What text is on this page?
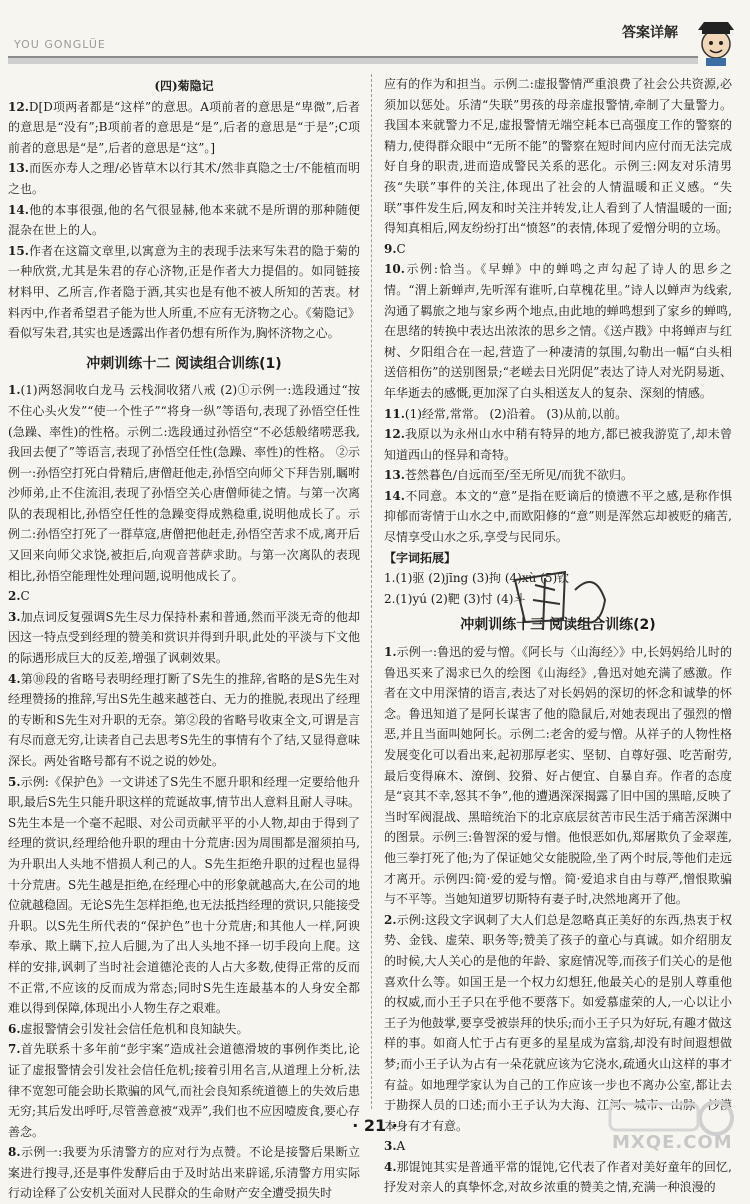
YOU GONGLÜE
答案详解

(四)菊隐记

12.D[D项两者都是“这样”的意思。A项前者的意思是“卑微”,后者的意思是“没有”;B项前者的意思是“是”,后者的意思是“于是”;C项前者的意思是“是”,后者的意思是“这”。]

13.而医亦寿人之理/必皆草木以行其术/然非真隐之士/不能植而明之也。

14.他的本事很强,他的名气很显赫,他本来就不是所谓的那种随便混杂在世上的人。

15.作者在这篇文章里,以寓意为主的表现手法来写朱君的隐于菊的一种欣赏,尤其是朱君的存心济物,正是作者大力提倡的。如同链接材料甲、乙所言,作者隐于酒,其实也是有他不被人所知的苦衷。材料丙中,作者希望君子能为世人所重,不应有无济物之心。《菊隐记》看似写朱君,其实也是透露出作者仍想有所作为,胸怀济物之心。

冲刺训练十二 阅读组合训练(1)

1.(1)两怒洞收白龙马 云栈洞收猪八戒 (2)①示例一:选段通过“按不住心头火发”“使一个性子”“将身一纵”等语句,表现了孙悟空任性(急躁、率性)的性格。示例二:选段通过孙悟空“不必恁般绪唠恶我,我回去便了”等语言,表现了孙悟空任性(急躁、率性)的性格。 ②示例一:孙悟空打死白骨精后,唐僧赶他走,孙悟空向师父下拜告别,瞩咐沙师弟,止不住流泪,表现了孙悟空关心唐僧师徒之情。与第一次离队的表现相比,孙悟空任性的急躁变得成熟稳重,说明他成长了。示例二:孙悟空打死了一群草寇,唐僧把他赶走,孙悟空苦求不成,离开后又回来向师父求饶,被拒后,向观音菩萨求助。与第一次离队的表现相比,孙悟空能理性处理问题,说明他成长了。

2.C

3.加点词反复强调S先生尽力保持朴素和普通,然而平淡无奇的他却因这一特点受到经理的赞美和赏识并得到升职,此处的平淡与下文他的际遇形成巨大的反差,增强了讽刺效果。

4.第⑩段的省略号表明经理打断了S先生的推辞,省略的是S先生对经理赞扬的推辞,写出S先生越来越苍白、无力的推脱,表现出了经理的专断和S先生对升职的无奈。第②段的省略号收束全文,可谓是言有尽而意无穷,让读者自己去思考S先生的事情有个了结,又显得意味深长。两处省略号都有不说之说的妙处。

5.示例:《保护色》一文讲述了S先生不愿升职和经理一定要给他升职,最后S先生只能升职这样的荒诞故事,情节出人意料且耐人寻味。S先生本是一个毫不起眼、对公司贡献平平的小人物,却由于得到了经理的赏识,经理给他升职的理由十分荒唐:因为周围都是溜须拍马,为升职出人头地不惜损人利己的人。S先生拒绝升职的过程也显得十分荒唐。S先生越是拒绝,在经理心中的形象就越高大,在公司的地位就越稳固。无论S先生怎样拒绝,也无法抵挡经理的赏识,只能接受升职。以S先生所代表的“保护色”也十分荒唐;和其他人一样,阿谀奉承、欺上瞒下,拉人后腿,为了出人头地不择一切手段向上爬。这样的安排,讽刺了当时社会道德沦丧的人占大多数,使得正常的反而不正常,不应该的反而成为常态;同时S先生连最基本的人身安全都难以得到保障,体现出小人物生存之艰难。

6.虚报警情会引发社会信任危机和良知缺失。

7.首先联系十多年前“彭宇案”造成社会道德滑坡的事例作类比,论证了虚报警情会引发社会信任危机;接着引用名言,从道理上分析,法律不宽恕可能会助长欺骗的风气,而社会良知系统道德上的失效后患无穷;其后发出呼吁,尽管善意被“戏弄”,我们也不应因噎废食,要心存善念。

8.示例一:我要为乐清警方的应对行为点赞。不论是接警后果断立案进行搜寻,还是事件发酵后由于及时站出来辟谣,乐清警方用实际行动诠释了公安机关面对人民群众的生命财产安全遭受损失时

应有的作为和担当。示例二:虚报警情严重浪费了社会公共资源,必须加以惩处。乐清“失联”男孩的母亲虚报警情,牵制了大量警力。我国本来就警力不足,虚报警情无端空耗本已高强度工作的警察的精力,使得群众眼中“无所不能”的警察在短时间内应付而无法完成好自身的职责,进而造成警民关系的恶化。示例三:网友对乐清男孩“失联”事件的关注,体现出了社会的人情温暖和正义感。“失联”事件发生后,网友和时关注并转发,让人看到了人情温暖的一面;得知真相后,网友纷纷打出“愤怒”的表情,体现了爱憎分明的立场。

9.C

10.示例:恰当。《早蝉》中的蝉鸣之声勾起了诗人的思乡之情。“渭上新蝉声,先听浑有谁听,白草槐花里。”诗人以蝉声为线索,沟通了羁旅之地与家乡两个地点,由此地的蝉鸣想到了家乡的蝉鸣,在思绪的转换中表达出浓浓的思乡之情。《送卢戡》中将蝉声与红树、夕阳组合在一起,营造了一种凄清的氛围,勾勒出一幅“白头相送倍相伤”的送别图景;“老嵯去日光阴促”表达了诗人对光阴易逝、年华逝去的感慨,更加深了白头相送友人的复杂、深刻的情感。

11.(1)经常,常常。 (2)沿着。 (3)从前,以前。

12.我原以为永州山水中稍有特异的地方,都已被我游览了,却未曾知道西山的怪异和奇特。

13.苍然暮色/自远而至/至无所见/而犹不欲归。

14.不同意。本文的“意”是指在贬谪后的愤懑不平之感,是称作惧抑郁而寄情于山水之中,而欧阳修的“意”则是浑然忘却被贬的痛苦,尽情享受山水之乐,享受与民同乐。

【字词拓展】
1.(1)驱 (2)jīng (3)拘 (4)xù (5)钦
2.(1)yú (2)靶 (3)忖 (4)斗
冲刺训练十三 阅读组合训练(2)

1.示例一:鲁迅的爱与憎。《阿长与〈山海经〉》中,长妈妈给儿时的鲁迅买来了渴求已久的绘图《山海经》,鲁迅对她充满了感激。作者在文中用深情的语言,表达了对长妈妈的深切的怀念和诚挚的怀念。鲁迅知道了是阿长谋害了他的隐鼠后,对她表现出了强烈的憎恶,并且当面叫她阿长。示例二:老舍的爱与憎。从祥子的人物性格发展变化可以看出来,起初那厚老实、坚韧、自尊好强、吃苦耐劳,最后变得麻木、潦倒、狡猾、好占便宜、自暴自弃。作者的态度是“哀其不幸,怒其不争”,他的遭遇深深揭露了旧中国的黑暗,反映了当时军阀混战、黑暗统治下的北京底层贫苦市民生活于痛苦深渊中的图景。示例三:鲁智深的爱与憎。他恨恶如仇,郑屠欺负了金翠莲,他三拳打死了他;为了保证她父女能脱险,坐了两个时辰,等他们走远才离开。示例四:简·爱的爱与憎。简·爱追求自由与尊严,憎恨欺骗与不平等。当她知道罗切斯特有妻子时,决然地离开了他。

2.示例:这段文字讽刺了大人们总是忽略真正美好的东西,热衷于权势、金钱、虚荣、职务等;赞美了孩子的童心与真诚。如介绍朋友的时候,大人关心的是他的年龄、家庭情况等,而孩子们关心的是他喜欢什么等。如国王是一个权力幻想狂,他最关心的是别人尊重他的权威,而小王子只在乎他不要落下。如爱慕虚荣的人,一心以让小王子为他鼓掌,要享受被崇拜的快乐;而小王子只为好玩,有趣才做这样的事。如商人忙于占有更多的星星成为富翁,却没有时间遐想做梦;而小王子认为占有一朵花就应该为它浇水,疏通火山这样的事才有益。如地理学家认为自己的工作应该一步也不离办公室,都让去于勘探人员的口述;而小王子认为大海、江河、城市、山脉、沙漠本身有才有意。

3.A

4.那馄饨其实是普通平常的馄饨,它代表了作者对美好童年的回忆,抒发对亲人的真挚怀念,对故乡浓重的赞美之情,充满一种浪漫的

· 21 ·
MXQE.COM
